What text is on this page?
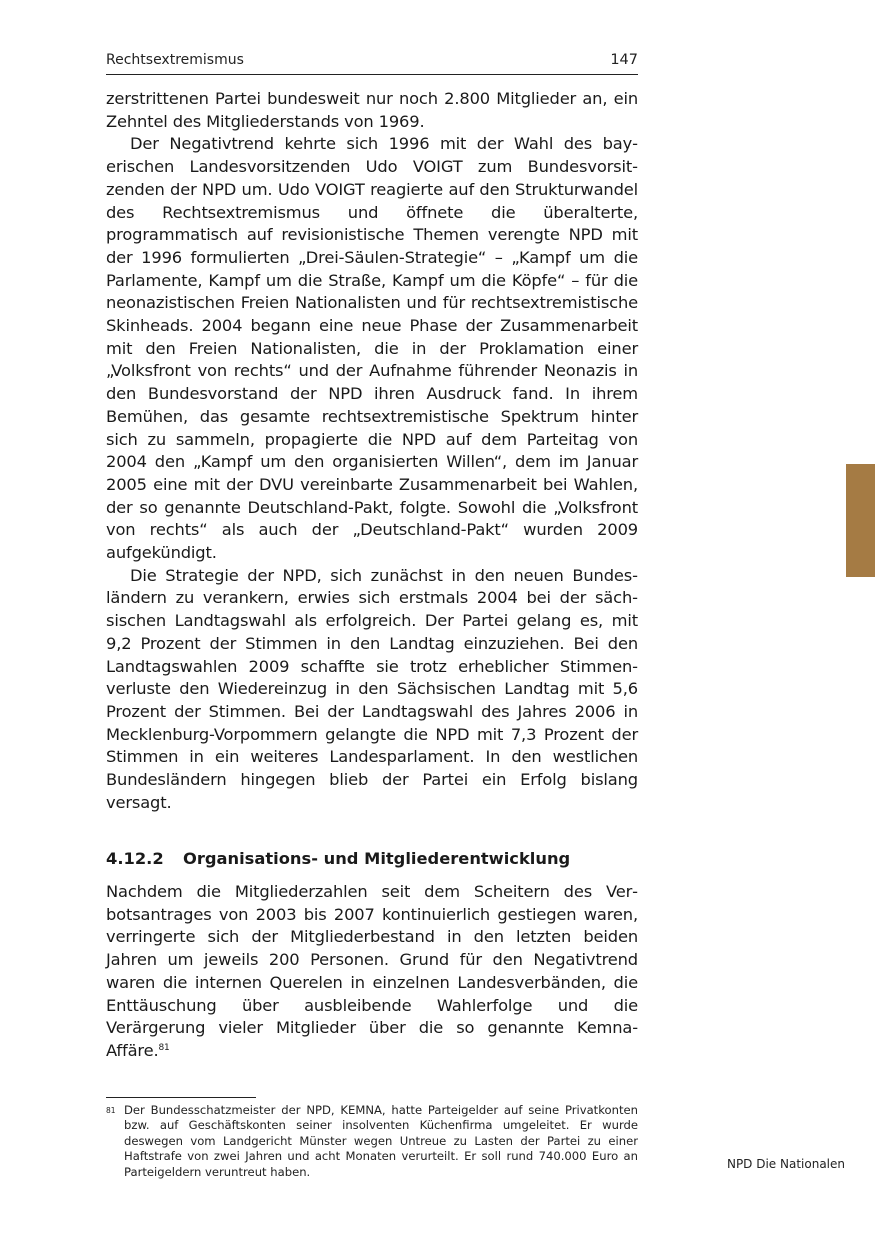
Rechtsextremismus	147

zerstrittenen Partei bundesweit nur noch 2.800 Mitglieder an, ein Zehntel des Mitgliederstands von 1969.

Der Negativtrend kehrte sich 1996 mit der Wahl des bayerischen Landesvorsitzenden Udo VOIGT zum Bundesvorsitzenden der NPD um. Udo VOIGT reagierte auf den Strukturwandel des Rechtsextremismus und öffnete die überalterte, programmatisch auf revisionistische Themen verengte NPD mit der 1996 formulierten „Drei-Säulen-Strategie“ – „Kampf um die Parlamente, Kampf um die Straße, Kampf um die Köpfe“ – für die neonazistischen Freien Nationalisten und für rechtsextremistische Skinheads. 2004 begann eine neue Phase der Zusammenarbeit mit den Freien Nationalisten, die in der Proklamation einer „Volksfront von rechts“ und der Aufnahme führender Neonazis in den Bundesvorstand der NPD ihren Ausdruck fand. In ihrem Bemühen, das gesamte rechtsextremistische Spektrum hinter sich zu sammeln, propagierte die NPD auf dem Parteitag von 2004 den „Kampf um den organisierten Willen“, dem im Januar 2005 eine mit der DVU vereinbarte Zusammenarbeit bei Wahlen, der so genannte Deutschland-Pakt, folgte. Sowohl die „Volksfront von rechts“ als auch der „Deutschland-Pakt“ wurden 2009 aufgekündigt.

Die Strategie der NPD, sich zunächst in den neuen Bundesländern zu verankern, erwies sich erstmals 2004 bei der sächsischen Landtagswahl als erfolgreich. Der Partei gelang es, mit 9,2 Prozent der Stimmen in den Landtag einzuziehen. Bei den Landtagswahlen 2009 schaffte sie trotz erheblicher Stimmenverluste den Wiedereinzug in den Sächsischen Landtag mit 5,6 Prozent der Stimmen. Bei der Landtagswahl des Jahres 2006 in Mecklenburg-Vorpommern gelangte die NPD mit 7,3 Prozent der Stimmen in ein weiteres Landesparlament. In den westlichen Bundesländern hingegen blieb der Partei ein Erfolg bislang versagt.

4.12.2 Organisations- und Mitgliederentwicklung

Nachdem die Mitgliederzahlen seit dem Scheitern des Verbotsantrages von 2003 bis 2007 kontinuierlich gestiegen waren, verringerte sich der Mitgliederbestand in den letzten beiden Jahren um jeweils 200 Personen. Grund für den Negativtrend waren die internen Querelen in einzelnen Landesverbänden, die Enttäuschung über ausbleibende Wahlerfolge und die Verärgerung vieler Mitglieder über die so genannte Kemna-Affäre.$^{81}$

81 Der Bundesschatzmeister der NPD, KEMNA, hatte Parteigelder auf seine Privatkonten bzw. auf Geschäftskonten seiner insolventen Küchenfirma umgeleitet. Er wurde deswegen vom Landgericht Münster wegen Untreue zu Lasten der Partei zu einer Haftstrafe von zwei Jahren und acht Monaten verurteilt. Er soll rund 740.000 Euro an Parteigeldern veruntreut haben.
NPD Die Nationalen
